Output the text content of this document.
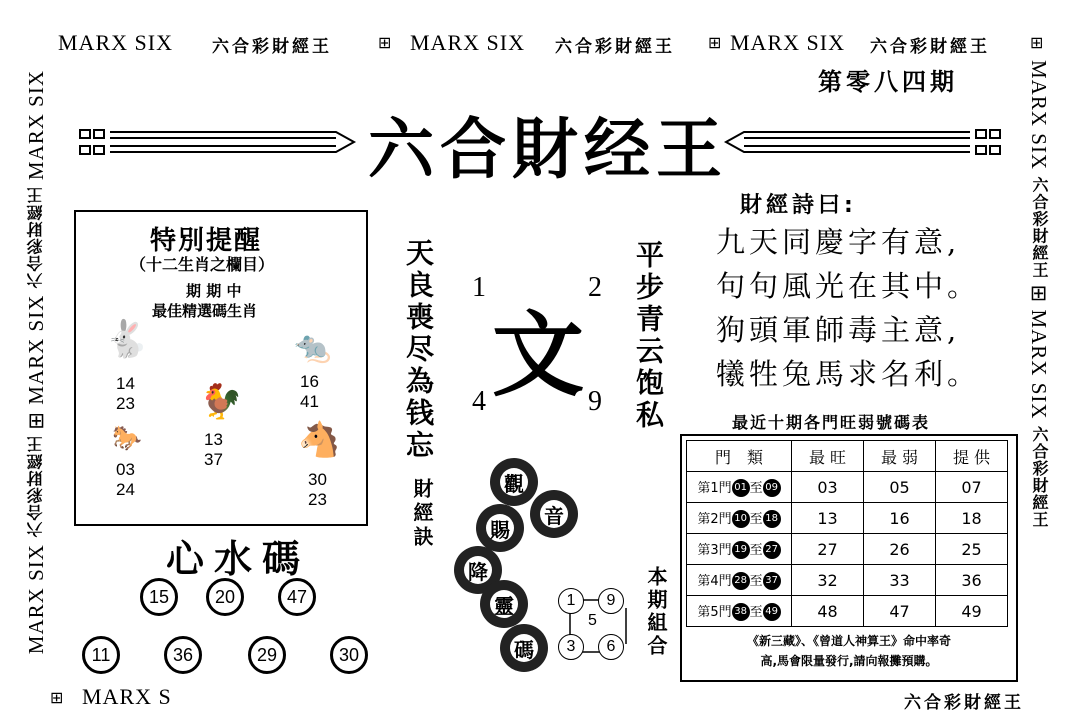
MARX SIX 六合彩財經王	⊞ MARX SIX 六合彩財經王 ⊞ MARX SIX 六合彩財經王	⊞
第零八四期
六合財经王
MARX SIX 六合彩財經王 ⊞ MARX SIX 六合彩財經王 MARX SIX	MARX SIX 六合彩財經王 ⊞ MARX SIX 六合彩財經王
特別提醒
（十二生肖之欄目）
期 期 中
最佳精選碼生肖
🐇
14
23
🐎
03
24
🐓
13
37
🐀
16
41
🐴
30
23
心水碼
15	20	47
11	36	29	30
天良喪尽為钱忘	平步青云饱私
1	2
文
4	9
財經訣	觀
音
賜
降
靈
碼
1	9
5
3	6	本期組合
財經詩曰:
九天同慶字有意,
句句風光在其中。
狗頭軍師毒主意,
犧牲兔馬求名利。
最近十期各門旺弱號碼表
門　類	最 旺	最 弱	提 供
第1門 01 至 09	03	05	07
第2門 10 至 18	13	16	18
第3門 19 至 27	27	26	25
第4門 28 至 37	32	33	36
第5門 38 至 49	48	47	49
《新三藏》、《曾道人神算王》命中率奇
高,馬會限量發行,請向報攤預購。
⊞ MARX S	六合彩財經王
